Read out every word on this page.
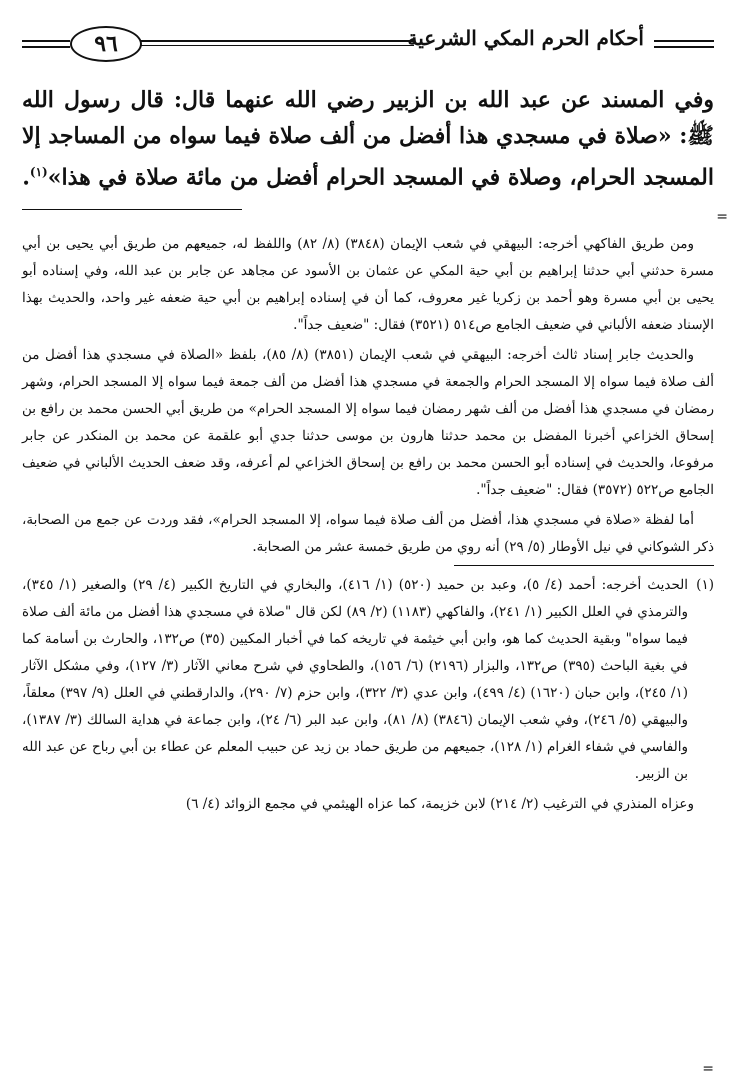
أحكام الحرم المكي الشرعية
٩٦

وفي المسند عن عبد الله بن الزبير رضي الله عنهما قال: قال رسول الله ﷺ: «صلاة في مسجدي هذا أفضل من ألف صلاة فيما سواه من المساجد إلا المسجد الحرام، وصلاة في المسجد الحرام أفضل من مائة صلاة في هذا»$^{(١)}$.

=

ومن طريق الفاكهي أخرجه: البيهقي في شعب الإيمان (٣٨٤٨) (٨/ ٨٢) واللفظ له، جميعهم من طريق أبي يحيى بن أبي مسرة حدثني أبي حدثنا إبراهيم بن أبي حية المكي عن عثمان بن الأسود عن مجاهد عن جابر بن عبد الله، وفي إسناده أبو يحيى بن أبي مسرة وهو أحمد بن زكريا غير معروف، كما أن في إسناده إبراهيم بن أبي حية ضعفه غير واحد، والحديث بهذا الإسناد ضعفه الألباني في ضعيف الجامع ص٥١٤ (٣٥٢١) فقال: "ضعيف جداً".

والحديث جابر إسناد ثالث أخرجه: البيهقي في شعب الإيمان (٣٨٥١) (٨/ ٨٥)، بلفظ «الصلاة في مسجدي هذا أفضل من ألف صلاة فيما سواه إلا المسجد الحرام والجمعة في مسجدي هذا أفضل من ألف جمعة فيما سواه إلا المسجد الحرام، وشهر رمضان في مسجدي هذا أفضل من ألف شهر رمضان فيما سواه إلا المسجد الحرام» من طريق أبي الحسن محمد بن رافع بن إسحاق الخزاعي أخبرنا المفضل بن محمد حدثنا هارون بن موسى حدثنا جدي أبو علقمة عن محمد بن المنكدر عن جابر مرفوعا، والحديث في إسناده أبو الحسن محمد بن رافع بن إسحاق الخزاعي لم أعرفه، وقد ضعف الحديث الألباني في ضعيف الجامع ص٥٢٢ (٣٥٧٢) فقال: "ضعيف جداً".

أما لفظة «صلاة في مسجدي هذا، أفضل من ألف صلاة فيما سواه، إلا المسجد الحرام»، فقد وردت عن جمع من الصحابة، ذكر الشوكاني في نيل الأوطار (٥/ ٢٩) أنه روي من طريق خمسة عشر من الصحابة.

(١)
الحديث أخرجه: أحمد (٤/ ٥)، وعبد بن حميد (٥٢٠) (١/ ٤١٦)، والبخاري في التاريخ الكبير (٤/ ٢٩) والصغير (١/ ٣٤٥)، والترمذي في العلل الكبير (١/ ٢٤١)، والفاكهي (١١٨٣) (٢/ ٨٩) لكن قال "صلاة في مسجدي هذا أفضل من مائة ألف صلاة فيما سواه" وبقية الحديث كما هو، وابن أبي خيثمة في تاريخه كما في أخبار المكيين (٣٥) ص١٣٢، والحارث بن أسامة كما في بغية الباحث (٣٩٥) ص١٣٢، والبزار (٢١٩٦) (٦/ ١٥٦)، والطحاوي في شرح معاني الآثار (٣/ ١٢٧)، وفي مشكل الآثار (١/ ٢٤٥)، وابن حبان (١٦٢٠) (٤/ ٤٩٩)، وابن عدي (٣/ ٣٢٢)، وابن حزم (٧/ ٢٩٠)، والدارقطني في العلل (٩/ ٣٩٧) معلقاً، والبيهقي (٥/ ٢٤٦)، وفي شعب الإيمان (٣٨٤٦) (٨/ ٨١)، وابن عبد البر (٦/ ٢٤)، وابن جماعة في هداية السالك (٣/ ١٣٨٧)، والفاسي في شفاء الغرام (١/ ١٢٨)، جميعهم من طريق حماد بن زيد عن حبيب المعلم عن عطاء بن أبي رباح عن عبد الله بن الزبير.

وعزاه المنذري في الترغيب (٢/ ٢١٤) لابن خزيمة، كما عزاه الهيثمي في مجمع الزوائد (٤/ ٦)

=
